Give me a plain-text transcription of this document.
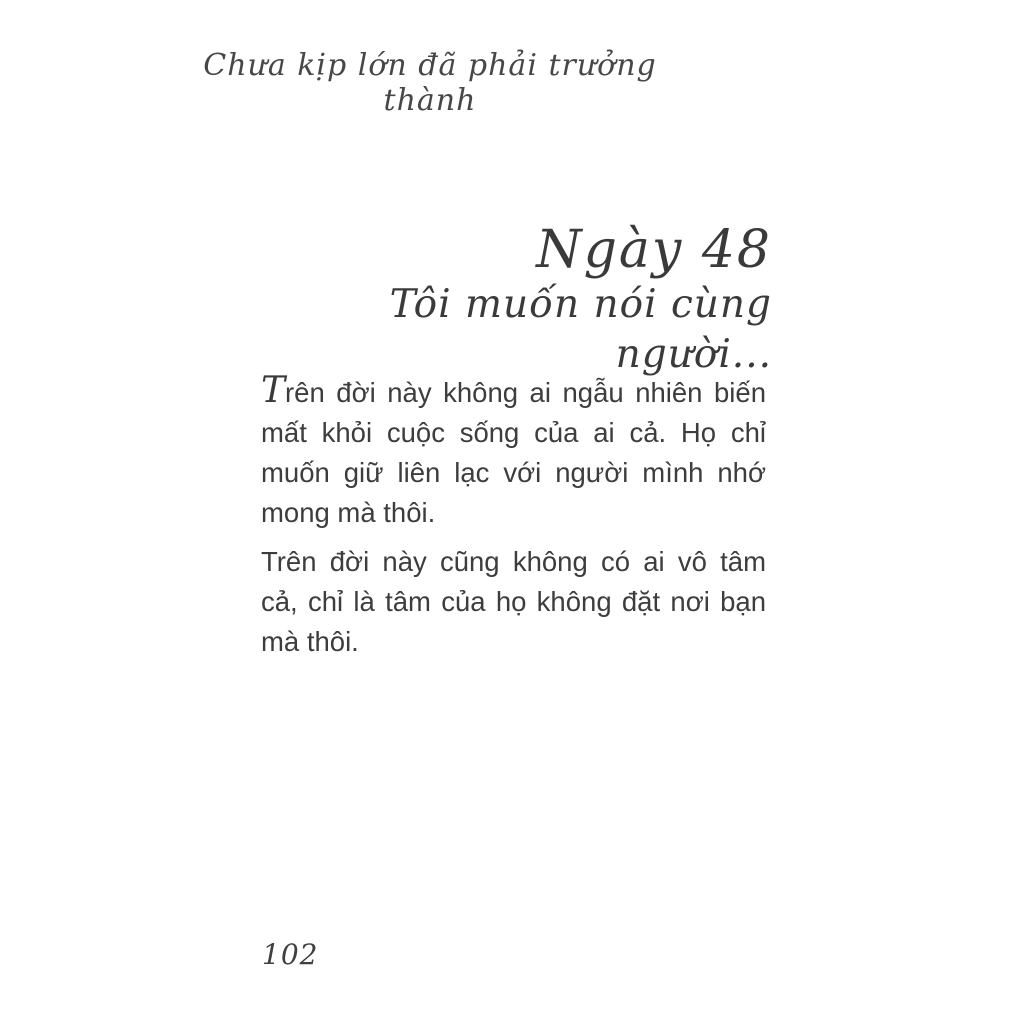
Chưa kịp lớn đã phải trưởng thành
Ngày 48
Tôi muốn nói cùng người...
Trên đời này không ai ngẫu nhiên biến
mất khỏi cuộc sống của ai cả. Họ chỉ
muốn giữ liên lạc với người mình nhớ
mong mà thôi.
Trên đời này cũng không có ai vô tâm
cả, chỉ là tâm của họ không đặt nơi bạn
mà thôi.
102
